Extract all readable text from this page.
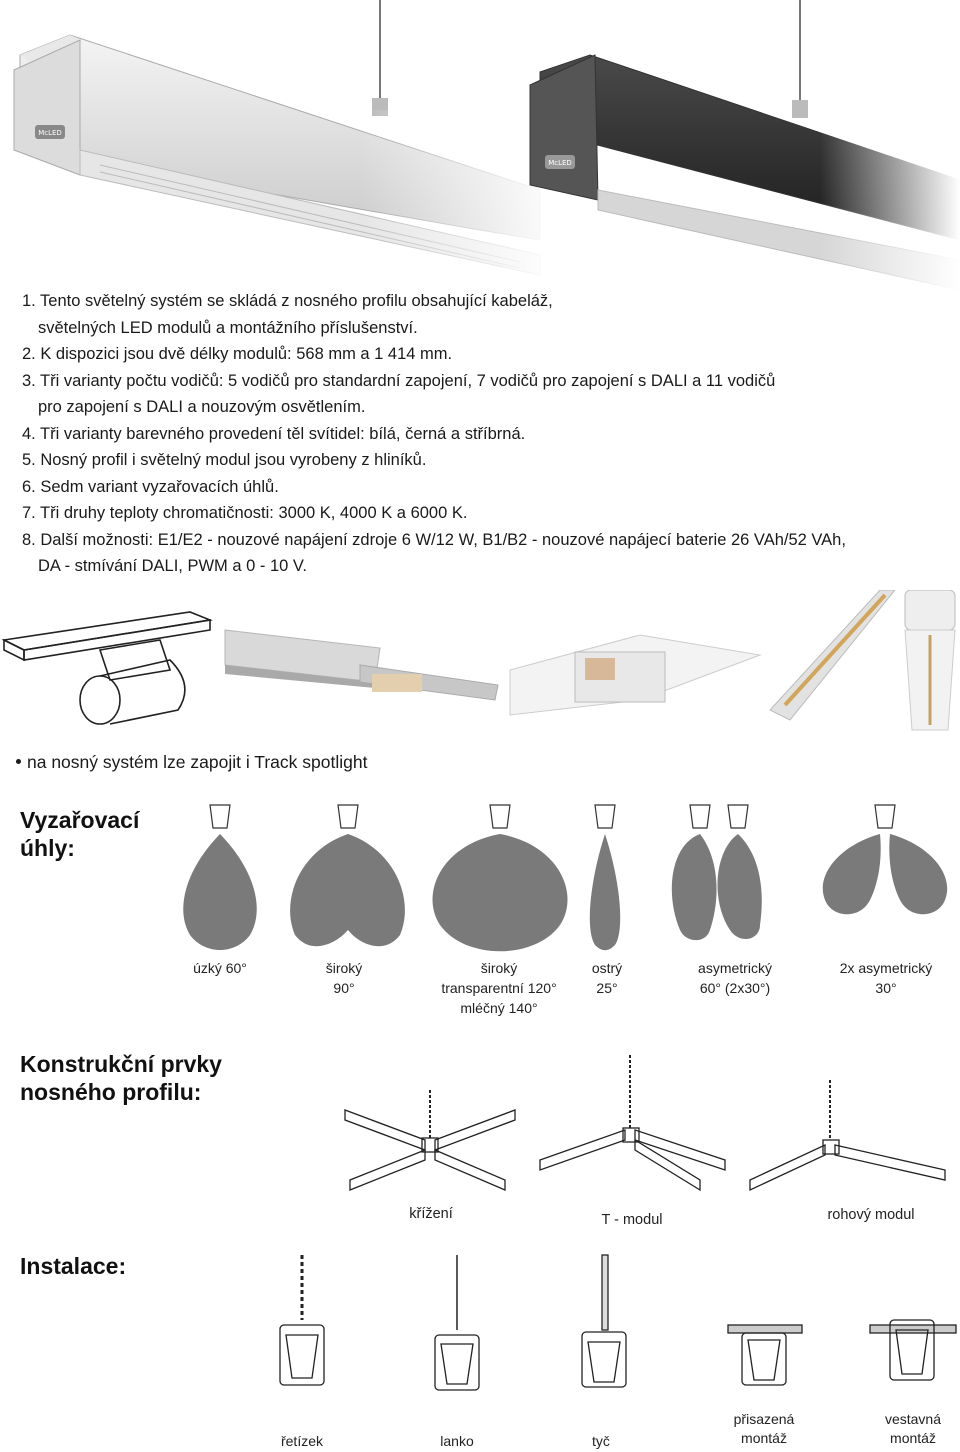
McLED
McLED
1. Tento světelný systém se skládá z nosného profilu obsahující kabeláž,
světelných LED modulů a montážního příslušenství.
2. K dispozici jsou dvě délky modulů: 568 mm a 1 414 mm.
3. Tři varianty počtu vodičů: 5 vodičů pro standardní zapojení, 7 vodičů pro zapojení s DALI a 11 vodičů
pro zapojení s DALI a nouzovým osvětlením.
4. Tři varianty barevného provedení těl svítidel: bílá, černá a stříbrná.
5. Nosný profil i světelný modul jsou vyrobeny z hliníků.
6. Sedm variant vyzařovacích úhlů.
7. Tři druhy teploty chromatičnosti: 3000 K, 4000 K a 6000 K.
8. Další možnosti: E1/E2 - nouzové napájení zdroje 6 W/12 W, B1/B2 - nouzové napájecí baterie 26 VAh/52 VAh,
DA - stmívání DALI, PWM a 0 - 10 V.
na nosný systém lze zapojit i Track spotlight
Vyzařovací
úhly:
úzký 60°	široký
90°
široký
transparentní 120°
mléčný 140°
ostrý
25°
asymetrický
60° (2x30°)
2x asymetrický
30°
Konstrukční prvky
nosného profilu:
křížení	T - modul	rohový modul
Instalace:
řetízek	lanko	tyč
přisazená
montáž
vestavná
montáž
